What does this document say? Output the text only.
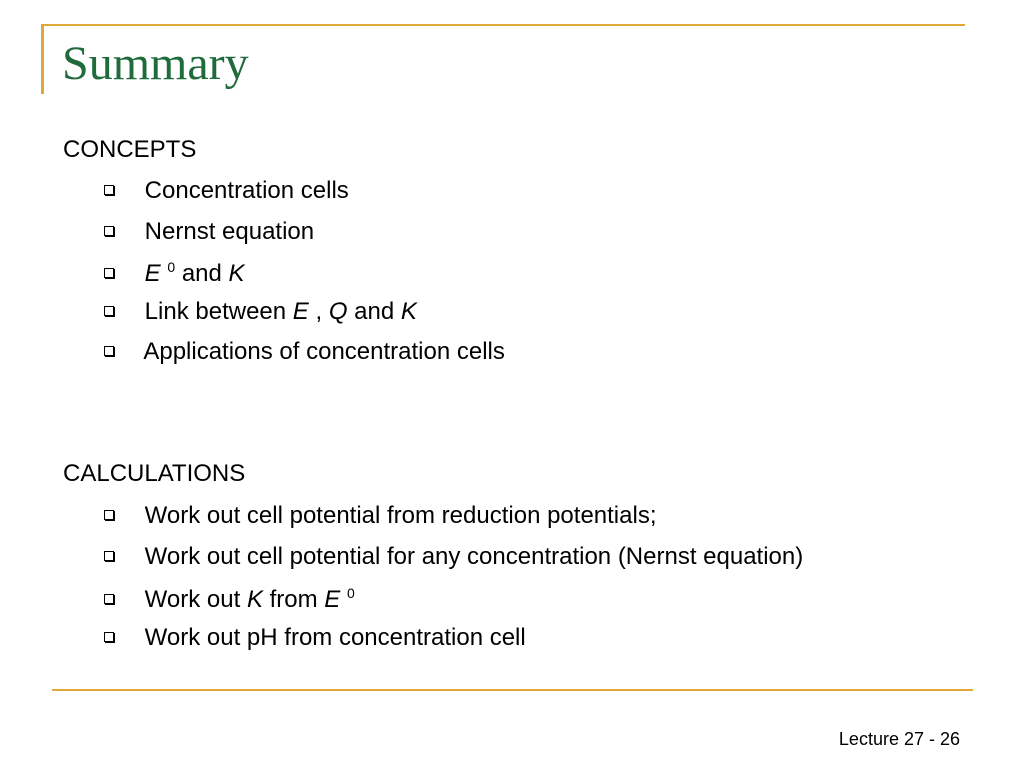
Summary
CONCEPTS
Concentration cells
Nernst equation
E $^0$ and K
Link between E , Q and K
Applications of concentration cells
CALCULATIONS
Work out cell potential from reduction potentials;
Work out cell potential for any concentration (Nernst equation)
Work out K from E $^0$
Work out pH from concentration cell
Lecture 27 - 26
